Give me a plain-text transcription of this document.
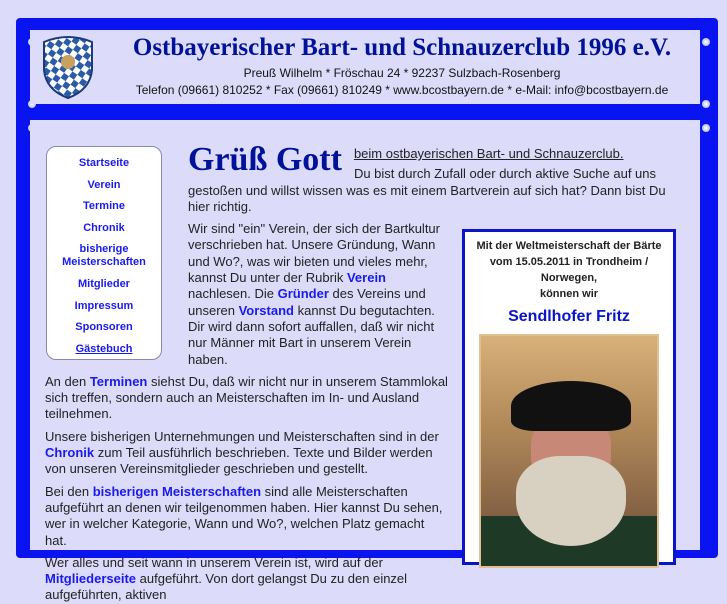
Ostbayerischer Bart- und Schnauzerclub 1996 e.V.
Preuß Wilhelm * Fröschau 24 * 92237 Sulzbach-Rosenberg
Telefon (09661) 810252 * Fax (09661) 810249 * www.bcostbayern.de * e-Mail: info@bcostbayern.de
Startseite
Verein
Termine
Chronik
bisherige
Meisterschaften
Mitglieder
Impressum
Sponsoren
Gästebuch
Grüß Gott beim ostbayerischen Bart- und Schnauzerclub.

Du bist durch Zufall oder durch aktive Suche auf uns gestoßen und willst wissen was es mit einem Bartverein auf sich hat? Dann bist Du hier richtig.

Mit der Weltmeisterschaft der Bärte
vom 15.05.2011 in Trondheim /
Norwegen,
können wir
Sendlhofer Fritz

Wir sind "ein" Verein, der sich der Bartkultur verschrieben hat. Unsere Gründung, Wann und Wo?, was wir bieten und vieles mehr, kannst Du unter der Rubrik Verein nachlesen. Die Gründer des Vereins und unseren Vorstand kannst Du begutachten. Dir wird dann sofort auffallen, daß wir nicht nur Männer mit Bart in unserem Verein haben.

An den Terminen siehst Du, daß wir nicht nur in unserem Stammlokal sich treffen, sondern auch an Meisterschaften im In- und Ausland teilnehmen.

Unsere bisherigen Unternehmungen und Meisterschaften sind in der Chronik zum Teil ausführlich beschrieben. Texte und Bilder werden von unseren Vereinsmitglieder geschrieben und gestellt.

Bei den bisherigen Meisterschaften sind alle Meisterschaften aufgeführt an denen wir teilgenommen haben. Hier kannst Du sehen, wer in welcher Kategorie, Wann und Wo?, welchen Platz gemacht hat.

Wer alles und seit wann in unserem Verein ist, wird auf der Mitgliederseite aufgeführt. Von dort gelangst Du zu den einzel aufgeführten, aktiven
